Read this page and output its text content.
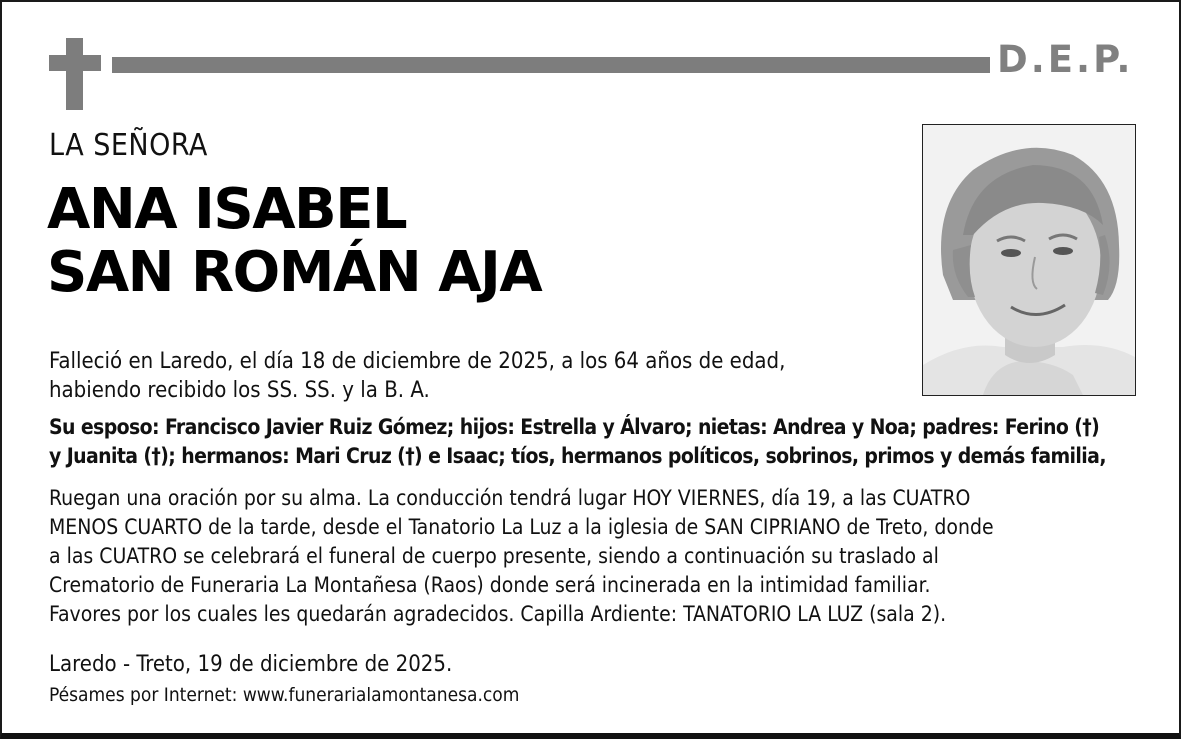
D.E.P.
LA SEÑORA
ANA ISABEL
SAN ROMÁN AJA
Falleció en Laredo, el día 18 de diciembre de 2025, a los 64 años de edad,
habiendo recibido los SS. SS. y la B. A.
Su esposo: Francisco Javier Ruiz Gómez; hijos: Estrella y Álvaro; nietas: Andrea y Noa; padres: Ferino (†)
y Juanita (†); hermanos: Mari Cruz (†) e Isaac; tíos, hermanos políticos, sobrinos, primos y demás familia,
Ruegan una oración por su alma. La conducción tendrá lugar HOY VIERNES, día 19, a las CUATRO
MENOS CUARTO de la tarde, desde el Tanatorio La Luz a la iglesia de SAN CIPRIANO de Treto, donde
a las CUATRO se celebrará el funeral de cuerpo presente, siendo a continuación su traslado al
Crematorio de Funeraria La Montañesa (Raos) donde será incinerada en la intimidad familiar.
Favores por los cuales les quedarán agradecidos. Capilla Ardiente: TANATORIO LA LUZ (sala 2).
Laredo - Treto, 19 de diciembre de 2025.
Pésames por Internet: www.funerarialamontanesa.com
